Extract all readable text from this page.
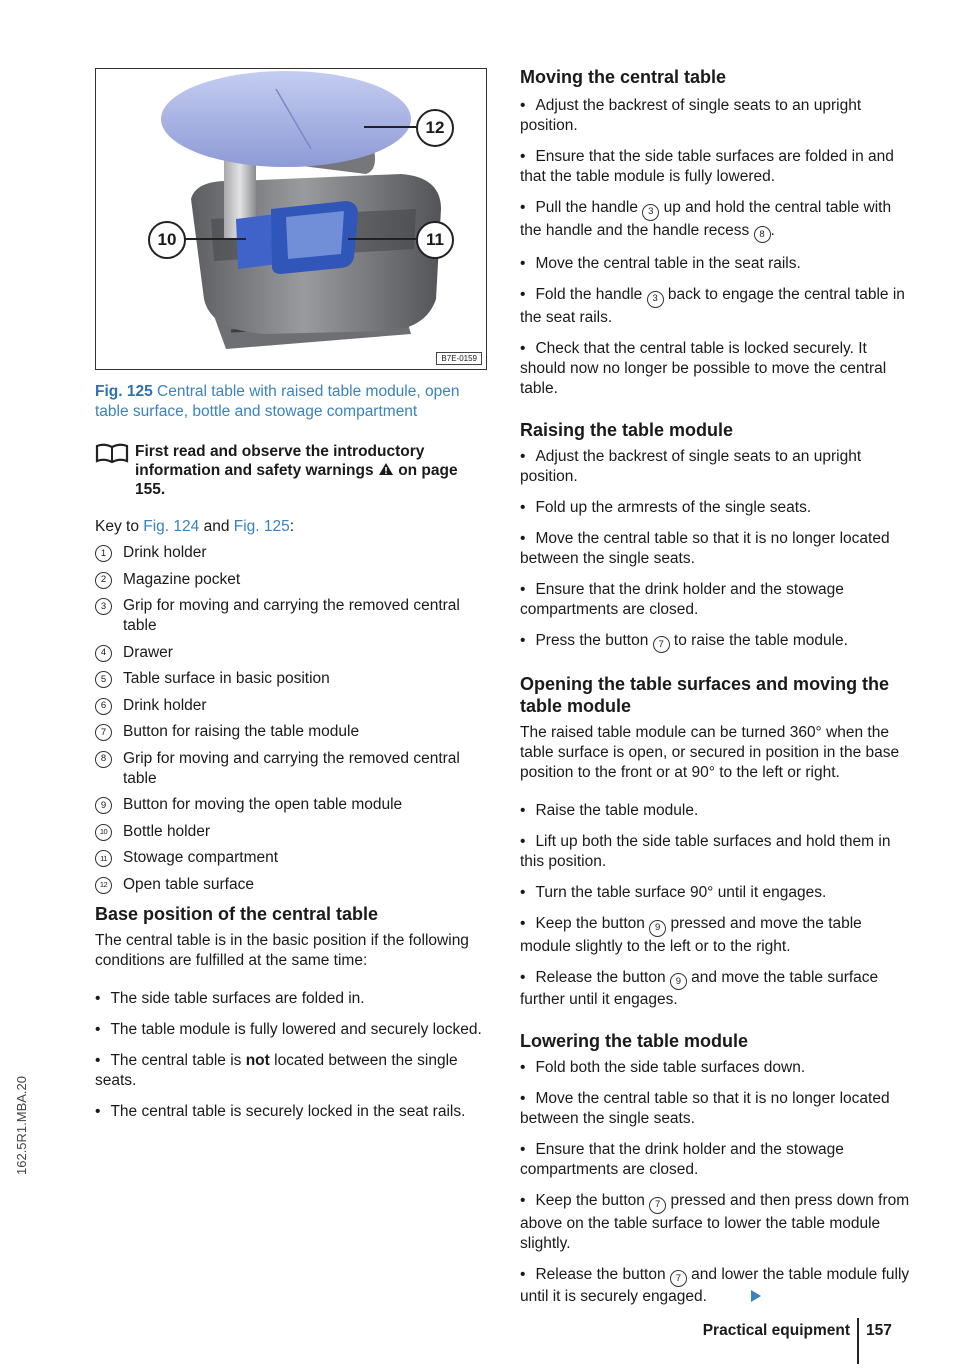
162.5R1.MBA.20
12
10	11
B7E-0159

Fig. 125 Central table with raised table module, open table surface, bottle and stowage compartment

First read and observe the introductory information and safety warnings on page 155.

Key to Fig. 124 and Fig. 125:

1	Drink holder
2	Magazine pocket
3	Grip for moving and carrying the removed central table
4	Drawer
5	Table surface in basic position
6	Drink holder
7	Button for raising the table module
8	Grip for moving and carrying the removed central table
9	Button for moving the open table module
10	Bottle holder
11	Stowage compartment
12	Open table surface
Base position of the central table

The central table is in the basic position if the following conditions are fulfilled at the same time:

• The side table surfaces are folded in.

• The table module is fully lowered and securely locked.

• The central table is not located between the single seats.

• The central table is securely locked in the seat rails.

Moving the central table

• Adjust the backrest of single seats to an upright position.

• Ensure that the side table surfaces are folded in and that the table module is fully lowered.

• Pull the handle 3 up and hold the central table with the handle and the handle recess 8 .

• Move the central table in the seat rails.

• Fold the handle 3 back to engage the central table in the seat rails.

• Check that the central table is locked securely. It should now no longer be possible to move the central table.

Raising the table module

• Adjust the backrest of single seats to an upright position.

• Fold up the armrests of the single seats.

• Move the central table so that it is no longer located between the single seats.

• Ensure that the drink holder and the stowage compartments are closed.

• Press the button 7 to raise the table module.

Opening the table surfaces and moving the table module

The raised table module can be turned 360° when the table surface is open, or secured in position in the base position to the front or at 90° to the left or right.

• Raise the table module.

• Lift up both the side table surfaces and hold them in this position.

• Turn the table surface 90° until it engages.

• Keep the button 9 pressed and move the table module slightly to the left or to the right.

• Release the button 9 and move the table surface further until it engages.

Lowering the table module

• Fold both the side table surfaces down.

• Move the central table so that it is no longer located between the single seats.

• Ensure that the drink holder and the stowage compartments are closed.

• Keep the button 7 pressed and then press down from above on the table surface to lower the table module slightly.

• Release the button 7 and lower the table module fully until it is securely engaged.

Practical equipment 157
